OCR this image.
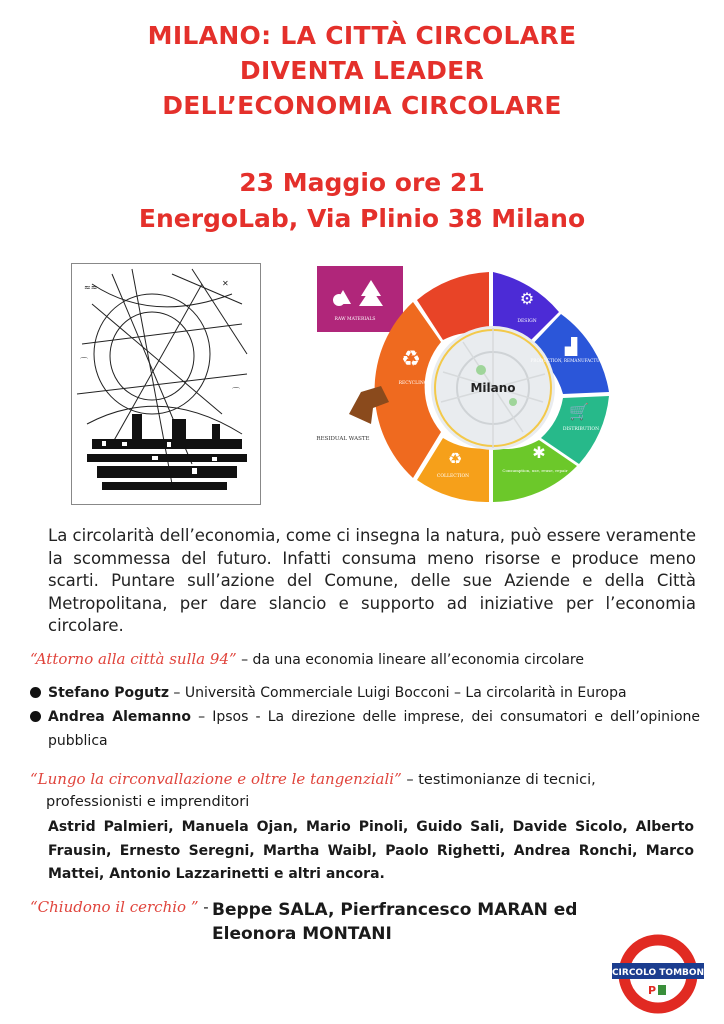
MILANO: LA CITTÀ CIRCOLARE
DIVENTA LEADER
DELL’ECONOMIA CIRCOLARE
23 Maggio ore 21
EnergoLab, Via Plinio 38 Milano
≈≈	✕
⌒
⌒	Milano
RAW MATERIALS	DESIGN
PRODUCTION, REMANUFACTURING
DISTRIBUTION
Consumption, use, reuse, repair
COLLECTION
RECYCLING
⚙
▟
🛒
✱
♻
♻
RESIDUAL WASTE
La circolarità dell’economia, come ci insegna la natura, può essere veramente la scommessa del futuro. Infatti consuma meno risorse e produce meno scarti. Puntare sull’azione del Comune, delle sue Aziende e della Città Metropolitana, per dare slancio e supporto ad iniziative per l’economia circolare.
“Attorno alla città sulla 94” – da una economia lineare all’economia circolare
Stefano Pogutz – Università Commerciale Luigi Bocconi – La circolarità in Europa
Andrea Alemanno – Ipsos - La direzione delle imprese, dei consumatori e dell’opinione pubblica
“Lungo la circonvallazione e oltre le tangenziali” – testimonianze di tecnici,
professionisti e imprenditori
Astrid Palmieri, Manuela Ojan, Mario Pinoli, Guido Sali, Davide Sicolo, Alberto Frausin, Ernesto Seregni, Martha Waibl, Paolo Righetti, Andrea Ronchi, Marco Mattei, Antonio Lazzarinetti e altri ancora.
“Chiudono il cerchio ” - Beppe SALA, Pierfrancesco MARAN ed
Eleonora MONTANI
CIRCOLO TOMBON
P
